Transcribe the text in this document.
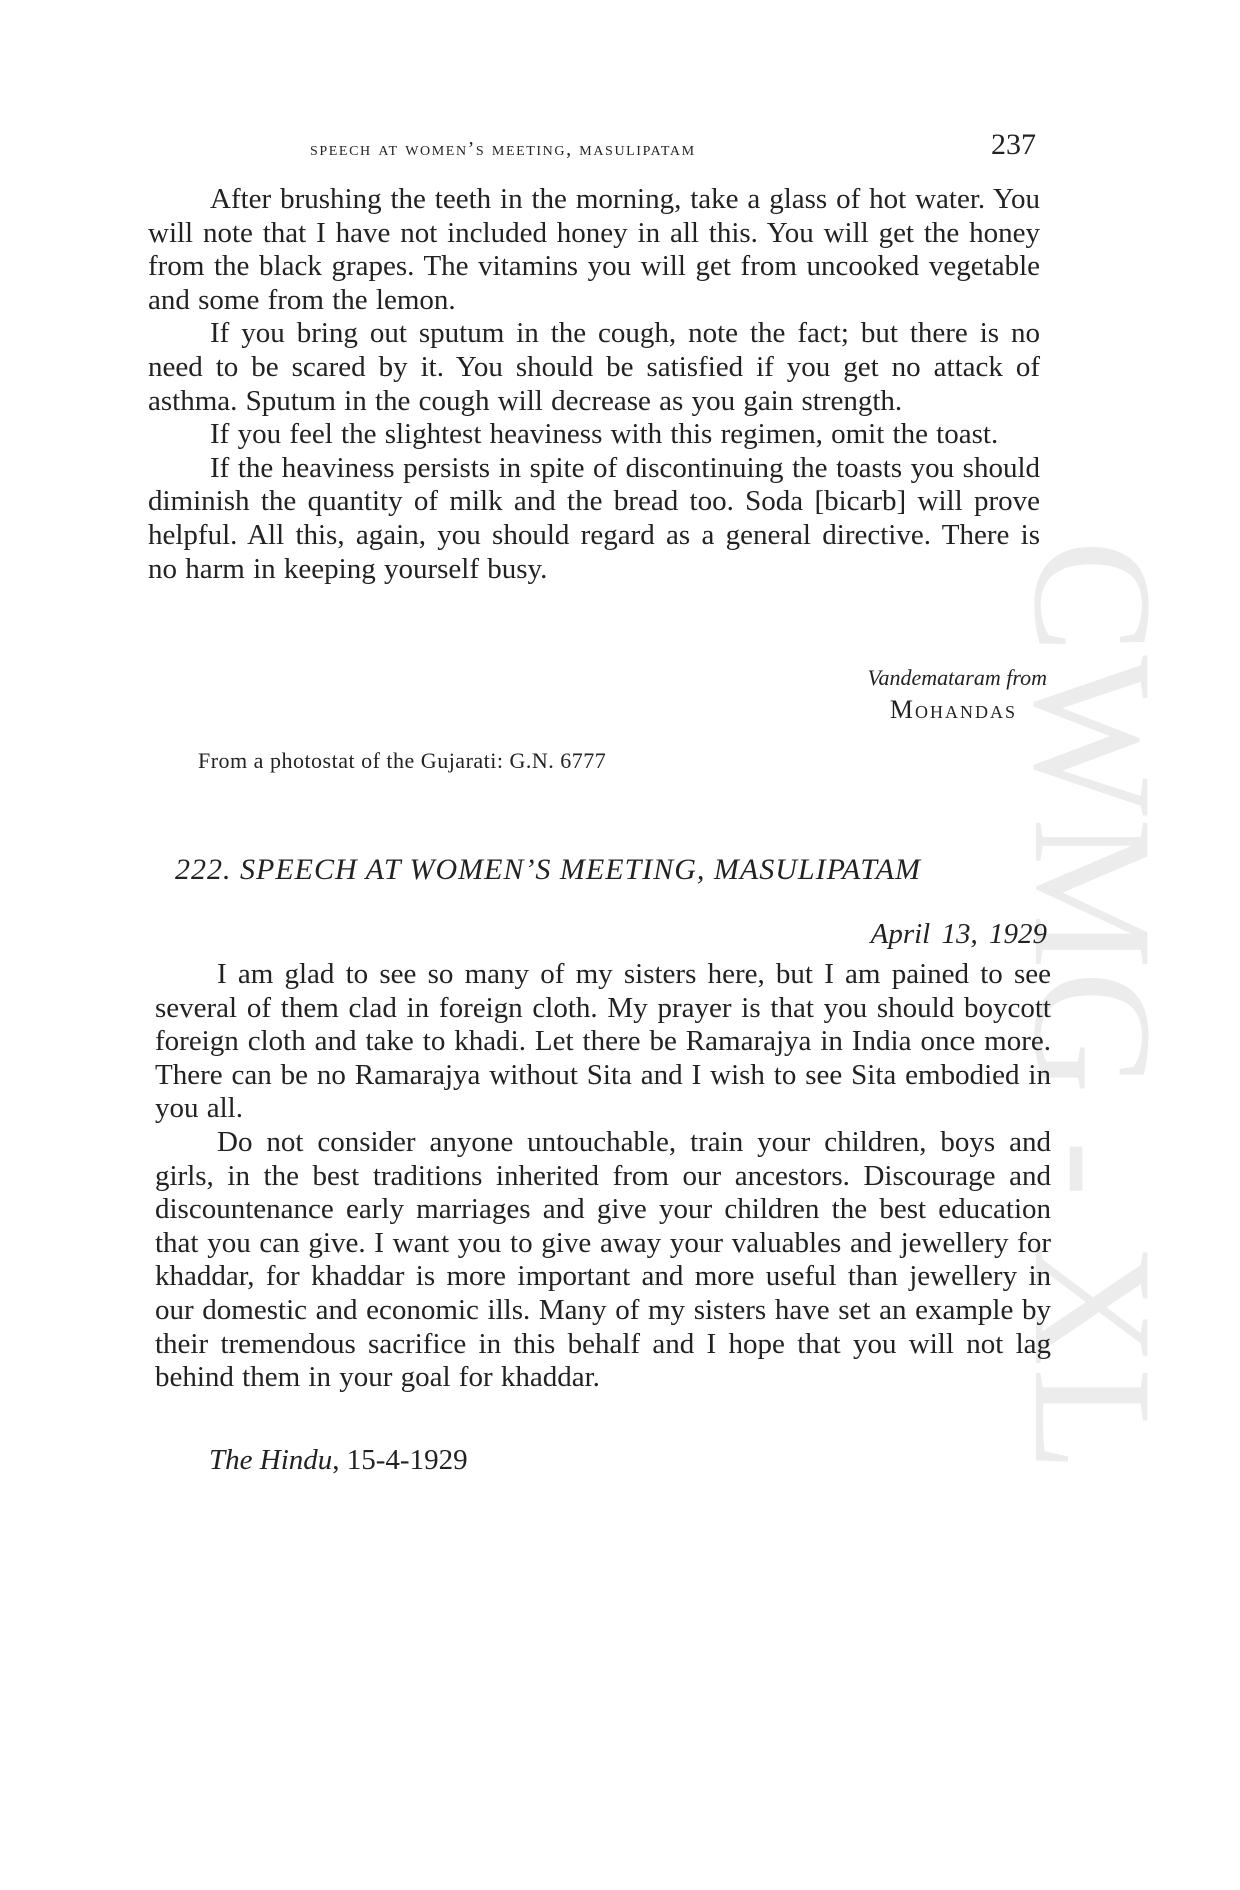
CWMG - XL
speech at women’s meeting, masulipatam	237

After brushing the teeth in the morning, take a glass of hot water. You will note that I have not included honey in all this. You will get the honey from the black grapes. The vitamins you will get from uncooked vegetable and some from the lemon.

If you bring out sputum in the cough, note the fact; but there is no need to be scared by it. You should be satisfied if you get no attack of asthma. Sputum in the cough will decrease as you gain strength.

If you feel the slightest heaviness with this regimen, omit the toast.

If the heaviness persists in spite of discontinuing the toasts you should diminish the quantity of milk and the bread too. Soda [bicarb] will prove helpful. All this, again, you should regard as a general directive. There is no harm in keeping yourself busy.

Vandemataram from
Mohandas
From a photostat of the Gujarati: G.N. 6777
222. SPEECH AT WOMEN’S MEETING, MASULIPATAM
April 13, 1929

I am glad to see so many of my sisters here, but I am pained to see several of them clad in foreign cloth. My prayer is that you should boycott foreign cloth and take to khadi. Let there be Ramarajya in India once more. There can be no Ramarajya without Sita and I wish to see Sita embodied in you all.

Do not consider anyone untouchable, train your children, boys and girls, in the best traditions inherited from our ancestors. Discourage and discountenance early marriages and give your children the best education that you can give. I want you to give away your valuables and jewellery for khaddar, for khaddar is more important and more useful than jewellery in our domestic and economic ills. Many of my sisters have set an example by their tremendous sacrifice in this behalf and I hope that you will not lag behind them in your goal for khaddar.

The Hindu, 15-4-1929
